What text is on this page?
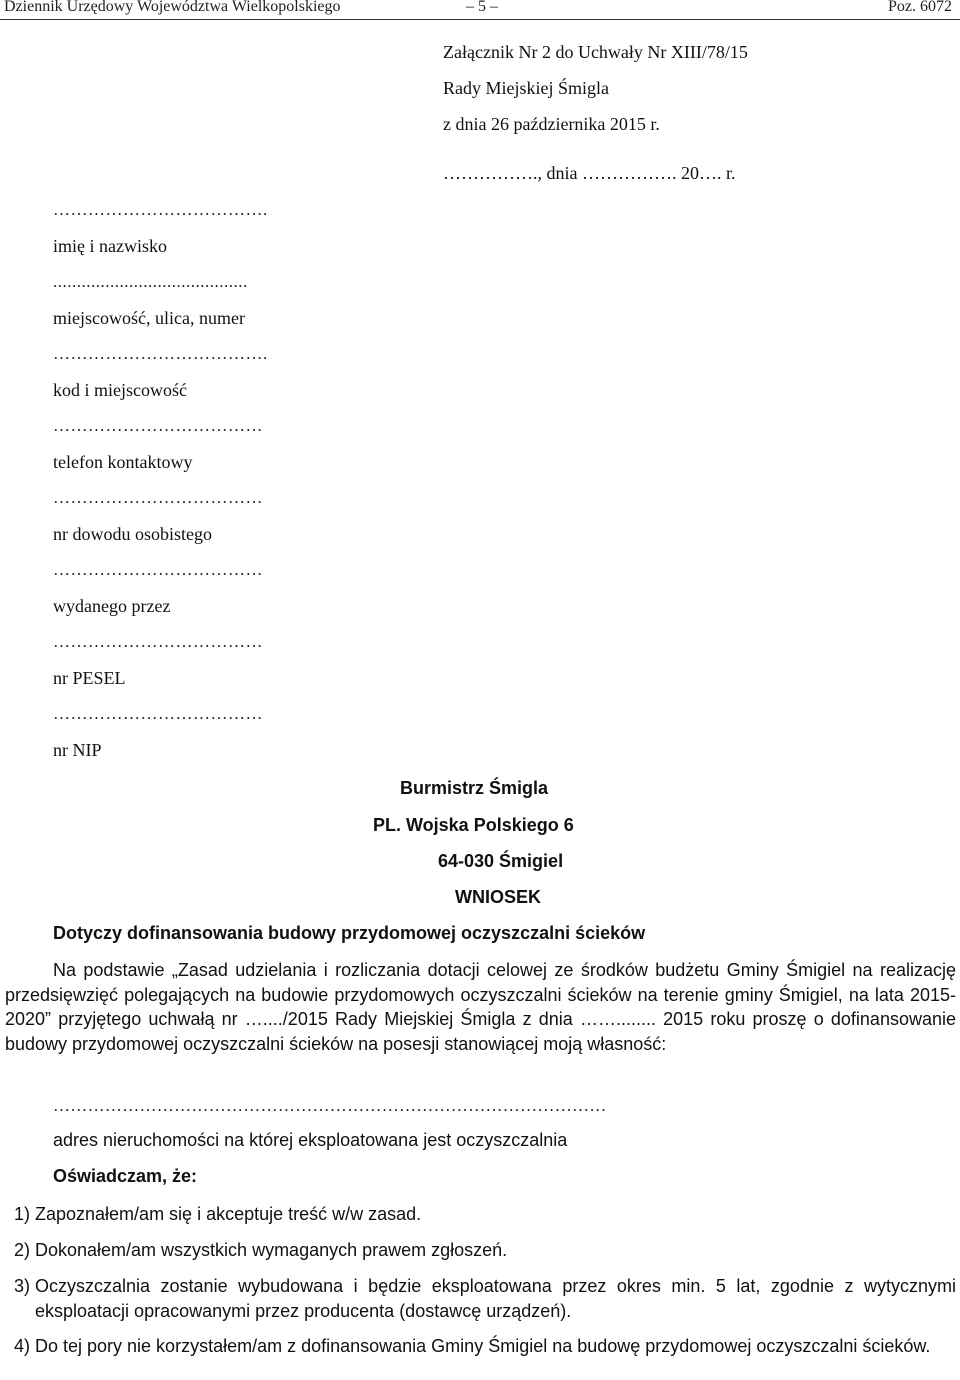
Dziennik Urzędowy Województwa Wielkopolskiego	– 5 –	Poz. 6072
Załącznik Nr 2 do Uchwały Nr XIII/78/15
Rady Miejskiej Śmigla
z dnia 26 października 2015 r.
……………., dnia ……………. 20…. r.
……………………………….
imię i nazwisko
.........................................
miejscowość, ulica, numer
……………………………….
kod i miejscowość
………………………………
telefon kontaktowy
………………………………
nr dowodu osobistego
………………………………
wydanego przez
………………………………
nr PESEL
………………………………
nr NIP
Burmistrz Śmigla
PL. Wojska Polskiego 6
64-030 Śmigiel
WNIOSEK
Dotyczy dofinansowania budowy przydomowej oczyszczalni ścieków
Na podstawie „Zasad udzielania i rozliczania dotacji celowej ze środków budżetu Gminy Śmigiel na realizację przedsięwzięć polegających na budowie przydomowych oczyszczalni ścieków na terenie gminy Śmigiel, na lata 2015-2020” przyjętego uchwałą nr …..../2015 Rady Miejskiej Śmigla z dnia ……........ 2015 roku proszę o dofinansowanie budowy przydomowej oczyszczalni ścieków na posesji stanowiącej moją własność:
……………………………………………………………………………………
adres nieruchomości na której eksploatowana jest oczyszczalnia
Oświadczam, że:
1) Zapoznałem/am się i akceptuje treść w/w zasad.
2) Dokonałem/am wszystkich wymaganych prawem zgłoszeń.
3) Oczyszczalnia zostanie wybudowana i będzie eksploatowana przez okres min. 5 lat, zgodnie z wytycznymi eksploatacji opracowanymi przez producenta (dostawcę urządzeń).
4) Do tej pory nie korzystałem/am z dofinansowania Gminy Śmigiel na budowę przydomowej oczyszczalni ścieków.
